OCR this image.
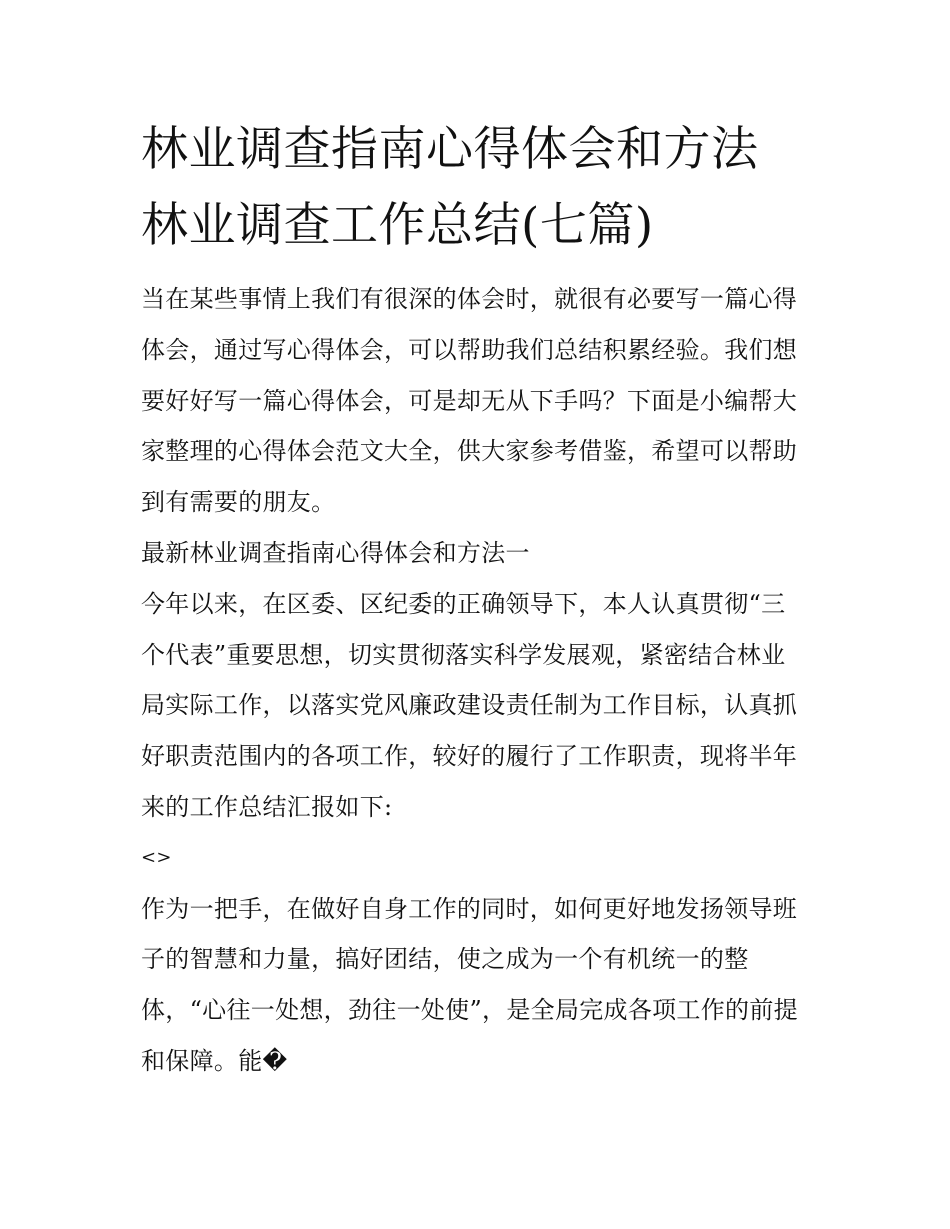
林业调查指南心得体会和方法
林业调查工作总结(七篇)
当在某些事情上我们有很深的体会时，就很有必要写一篇心得
体会，通过写心得体会，可以帮助我们总结积累经验。我们想
要好好写一篇心得体会，可是却无从下手吗？下面是小编帮大
家整理的心得体会范文大全，供大家参考借鉴，希望可以帮助
到有需要的朋友。
最新林业调查指南心得体会和方法一
今年以来，在区委、区纪委的正确领导下，本人认真贯彻“三
个代表”重要思想，切实贯彻落实科学发展观，紧密结合林业
局实际工作，以落实党风廉政建设责任制为工作目标，认真抓
好职责范围内的各项工作，较好的履行了工作职责，现将半年
来的工作总结汇报如下:
<>
作为一把手，在做好自身工作的同时，如何更好地发扬领导班
子的智慧和力量，搞好团结，使之成为一个有机统一的整
体，“心往一处想，劲往一处使”，是全局完成各项工作的前提
和保障。能�
